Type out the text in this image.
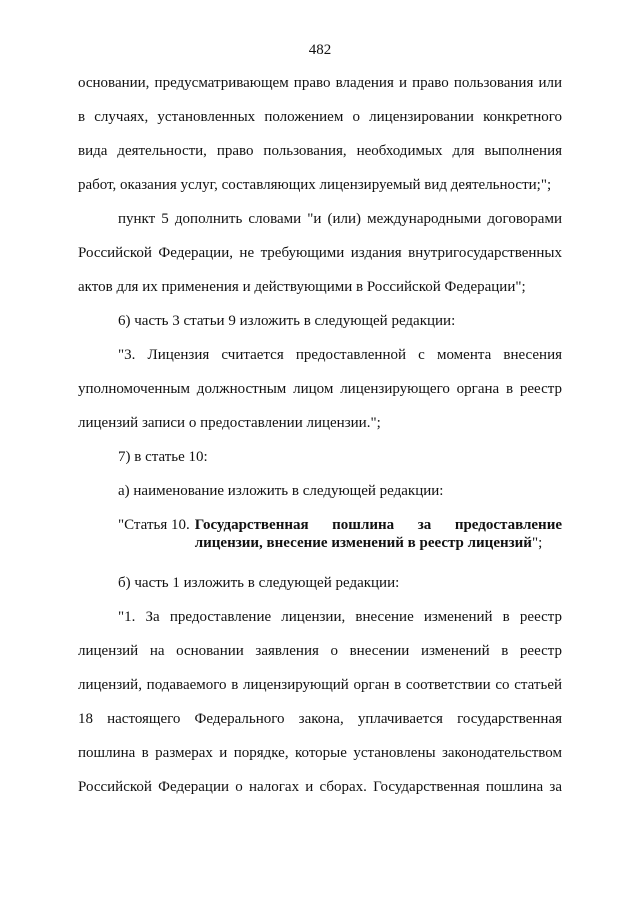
482
основании, предусматривающем право владения и право пользования или
в случаях, установленных положением о лицензировании конкретного
вида деятельности, право пользования, необходимых для выполнения
работ, оказания услуг, составляющих лицензируемый вид деятельности;";
пункт 5 дополнить словами "и (или) международными договорами
Российской Федерации, не требующими издания внутригосударственных
актов для их применения и действующими в Российской Федерации";
6) часть 3 статьи 9 изложить в следующей редакции:
"3. Лицензия считается предоставленной с момента внесения
уполномоченным должностным лицом лицензирующего органа в реестр
лицензий записи о предоставлении лицензии.";
7) в статье 10:
а) наименование изложить в следующей редакции:
"Статья 10. Государственная пошлина за предоставление
лицензии, внесение изменений в реестр лицензий";
б) часть 1 изложить в следующей редакции:
"1. За предоставление лицензии, внесение изменений в реестр
лицензий на основании заявления о внесении изменений в реестр
лицензий, подаваемого в лицензирующий орган в соответствии со статьей
18 настоящего Федерального закона, уплачивается государственная
пошлина в размерах и порядке, которые установлены законодательством
Российской Федерации о налогах и сборах. Государственная пошлина за
